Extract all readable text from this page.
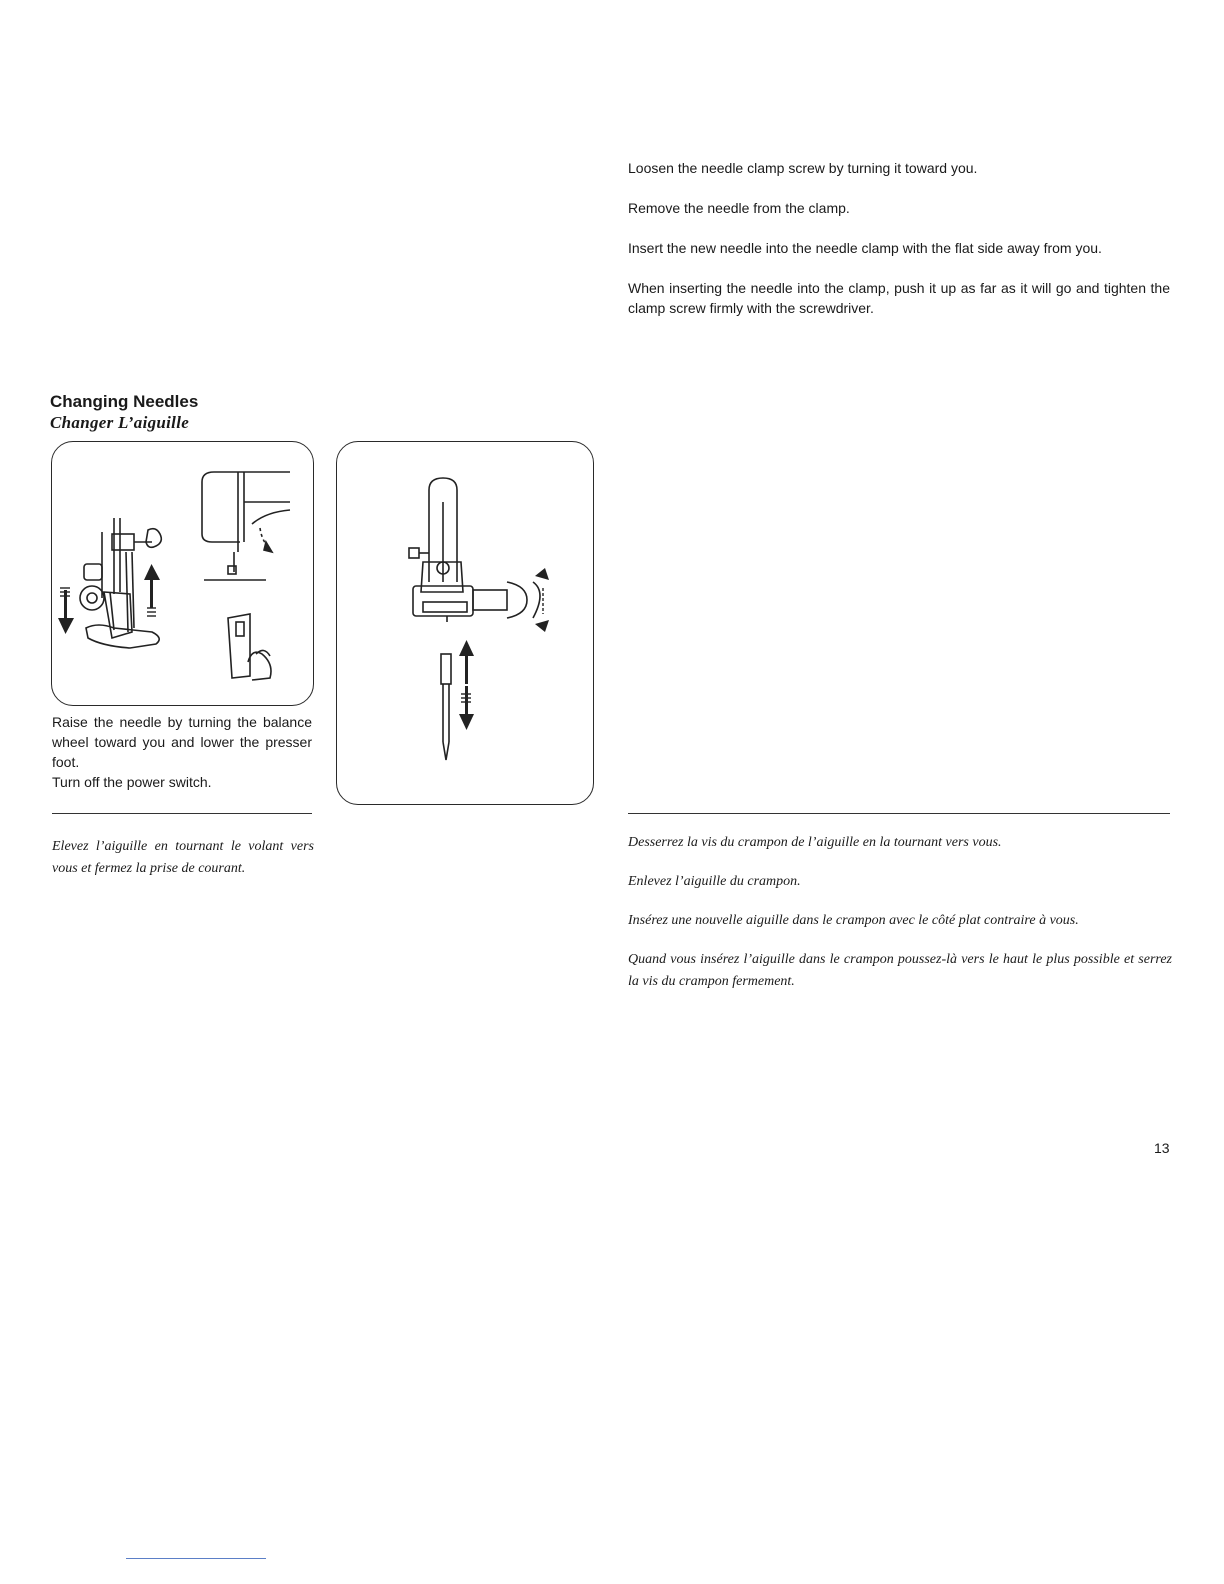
Changing Needles
Changer L’aiguille

Raise the needle by turning the balance wheel toward you and lower the presser foot.

Turn off the power switch.

Elevez l’aiguille en tournant le volant vers vous et fermez la prise de courant.

Loosen the needle clamp screw by turning it toward you.

Remove the needle from the clamp.

Insert the new needle into the needle clamp with the flat side away from you.

When inserting the needle into the clamp, push it up as far as it will go and tighten the clamp screw firmly with the screwdriver.

Desserrez la vis du crampon de l’aiguille en la tournant vers vous.

Enlevez l’aiguille du crampon.

Insérez une nouvelle aiguille dans le crampon avec le côté plat contraire à vous.

Quand vous insérez l’aiguille dans le crampon poussez-là vers le haut le plus possible et serrez la vis du crampon fermement.

13
